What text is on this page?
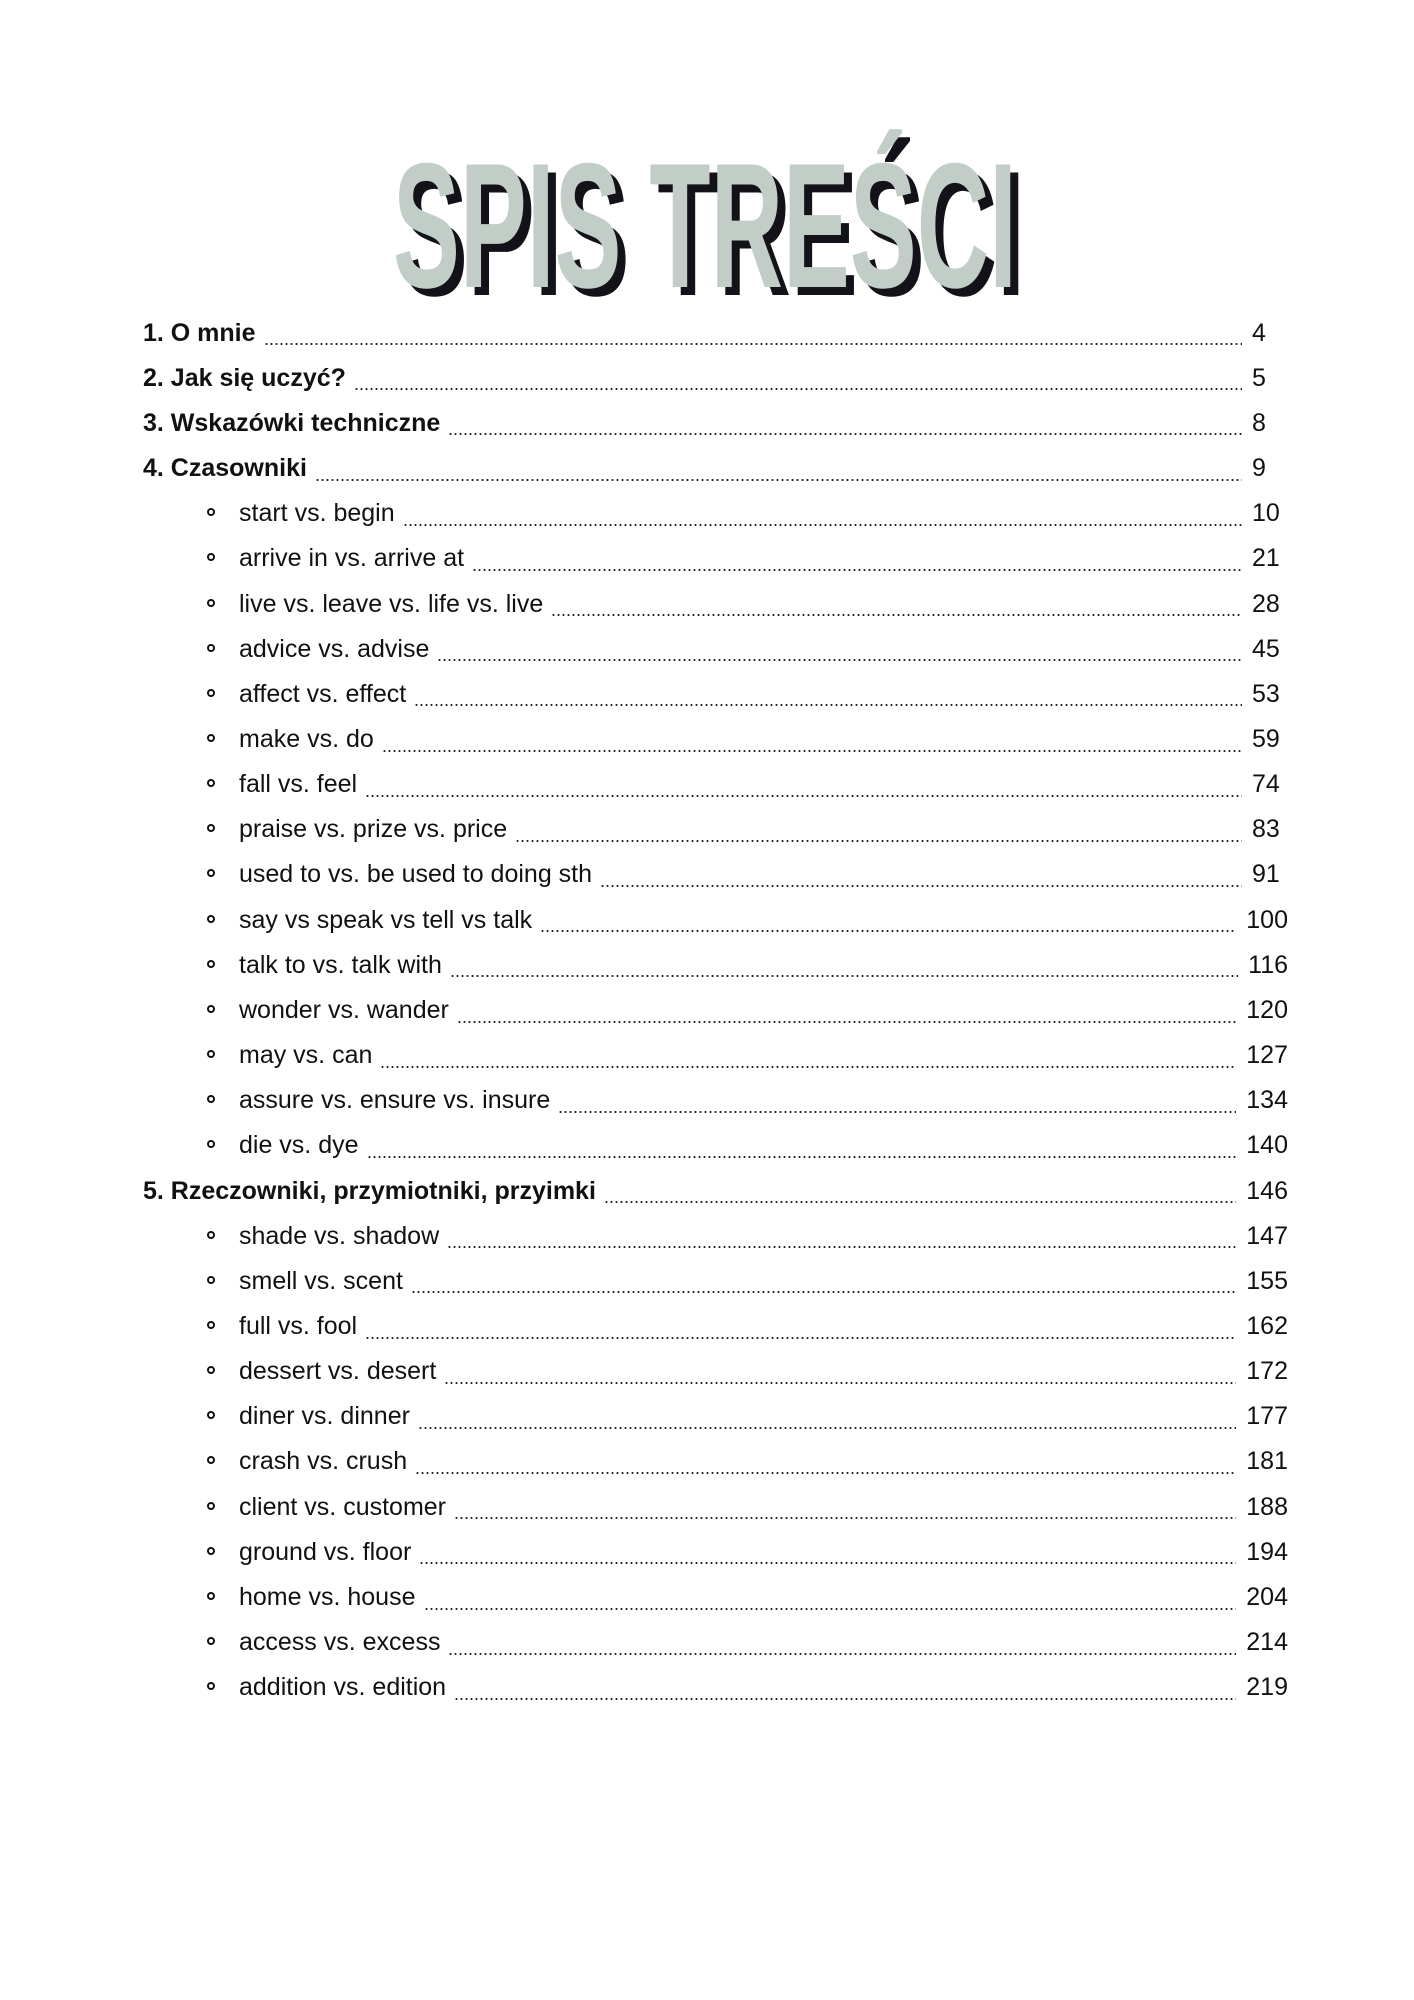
SPIS TREŚCI
SPIS TREŚCI
1. O mnie	4
2. Jak się uczyć?	5
3. Wskazówki techniczne	8
4. Czasowniki	9
start vs. begin	10
arrive in vs. arrive at	21
live vs. leave vs. life vs. live	28
advice vs. advise	45
affect vs. effect	53
make vs. do	59
fall vs. feel	74
praise vs. prize vs. price	83
used to vs. be used to doing sth	91
say vs speak vs tell vs talk	100
talk to vs. talk with	116
wonder vs. wander	120
may vs. can	127
assure vs. ensure vs. insure	134
die vs. dye	140
5. Rzeczowniki, przymiotniki, przyimki	146
shade vs. shadow	147
smell vs. scent	155
full vs. fool	162
dessert vs. desert	172
diner vs. dinner	177
crash vs. crush	181
client vs. customer	188
ground vs. floor	194
home vs. house	204
access vs. excess	214
addition vs. edition	219
